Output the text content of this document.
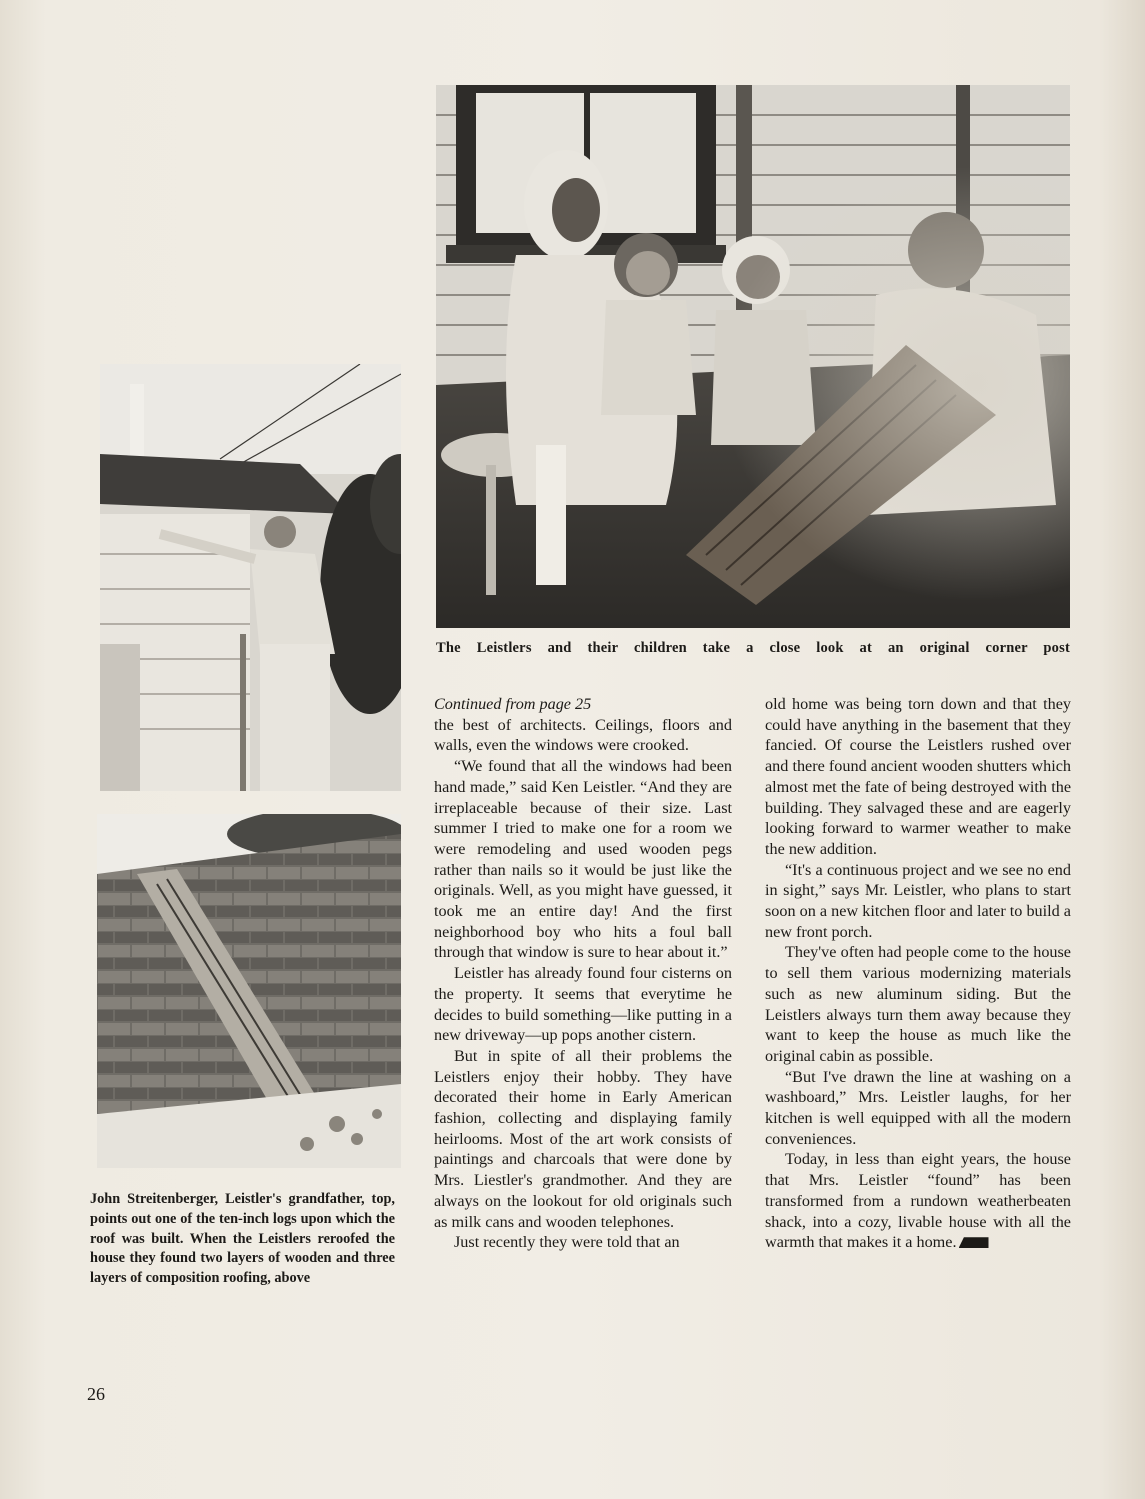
The Leistlers and their children take a close look at an original corner post
John Streitenberger, Leistler's grandfather, top, points out one of the ten-inch logs upon which the roof was built. When the Leistlers reroofed the house they found two layers of wooden and three layers of composition roofing, above
Continued from page 25

the best of architects. Ceilings, floors and walls, even the windows were crooked.

“We found that all the windows had been hand made,” said Ken Leistler. “And they are irreplaceable because of their size. Last summer I tried to make one for a room we were remodeling and used wooden pegs rather than nails so it would be just like the originals. Well, as you might have guessed, it took me an entire day! And the first neighborhood boy who hits a foul ball through that window is sure to hear about it.”

Leistler has already found four cisterns on the property. It seems that everytime he decides to build something—like putting in a new driveway—up pops another cistern.

But in spite of all their problems the Leistlers enjoy their hobby. They have decorated their home in Early American fashion, collecting and displaying family heirlooms. Most of the art work consists of paintings and charcoals that were done by Mrs. Liestler's grandmother. And they are always on the lookout for old originals such as milk cans and wooden telephones.

Just recently they were told that an

old home was being torn down and that they could have anything in the basement that they fancied. Of course the Leistlers rushed over and there found ancient wooden shutters which almost met the fate of being destroyed with the building. They salvaged these and are eagerly looking forward to warmer weather to make the new addition.

“It's a continuous project and we see no end in sight,” says Mr. Leistler, who plans to start soon on a new kitchen floor and later to build a new front porch.

They've often had people come to the house to sell them various modernizing materials such as new aluminum siding. But the Leistlers always turn them away because they want to keep the house as much like the original cabin as possible.

“But I've drawn the line at washing on a washboard,” Mrs. Leistler laughs, for her kitchen is well equipped with all the modern conveniences.

Today, in less than eight years, the house that Mrs. Leistler “found” has been transformed from a rundown weatherbeaten shack, into a cozy, livable house with all the warmth that makes it a home.

26
